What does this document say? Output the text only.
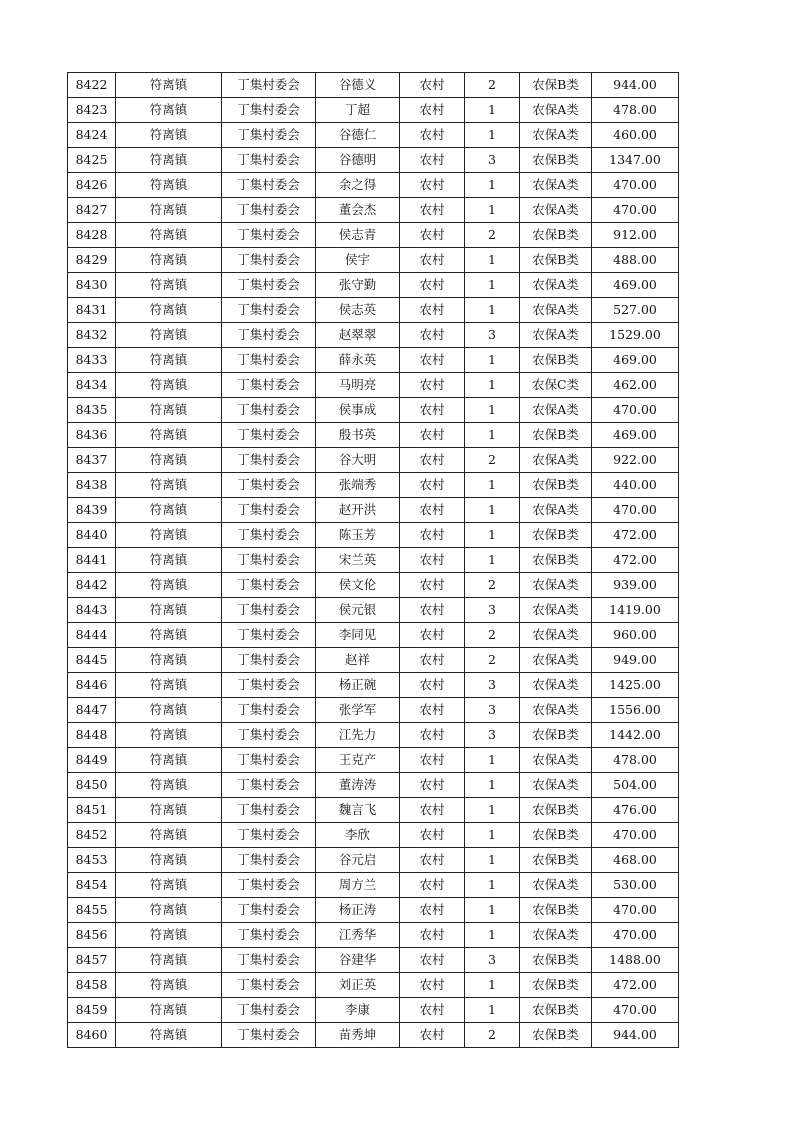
8422	符离镇	丁集村委会	谷德义	农村	2	农保B类	944.00
8423	符离镇	丁集村委会	丁超	农村	1	农保A类	478.00
8424	符离镇	丁集村委会	谷德仁	农村	1	农保A类	460.00
8425	符离镇	丁集村委会	谷德明	农村	3	农保B类	1347.00
8426	符离镇	丁集村委会	余之得	农村	1	农保A类	470.00
8427	符离镇	丁集村委会	董会杰	农村	1	农保A类	470.00
8428	符离镇	丁集村委会	侯志青	农村	2	农保B类	912.00
8429	符离镇	丁集村委会	侯宇	农村	1	农保B类	488.00
8430	符离镇	丁集村委会	张守勤	农村	1	农保A类	469.00
8431	符离镇	丁集村委会	侯志英	农村	1	农保A类	527.00
8432	符离镇	丁集村委会	赵翠翠	农村	3	农保A类	1529.00
8433	符离镇	丁集村委会	薛永英	农村	1	农保B类	469.00
8434	符离镇	丁集村委会	马明亮	农村	1	农保C类	462.00
8435	符离镇	丁集村委会	侯事成	农村	1	农保A类	470.00
8436	符离镇	丁集村委会	殷书英	农村	1	农保B类	469.00
8437	符离镇	丁集村委会	谷大明	农村	2	农保A类	922.00
8438	符离镇	丁集村委会	张端秀	农村	1	农保B类	440.00
8439	符离镇	丁集村委会	赵开洪	农村	1	农保A类	470.00
8440	符离镇	丁集村委会	陈玉芳	农村	1	农保B类	472.00
8441	符离镇	丁集村委会	宋兰英	农村	1	农保B类	472.00
8442	符离镇	丁集村委会	侯文伦	农村	2	农保A类	939.00
8443	符离镇	丁集村委会	侯元银	农村	3	农保A类	1419.00
8444	符离镇	丁集村委会	李同见	农村	2	农保A类	960.00
8445	符离镇	丁集村委会	赵祥	农村	2	农保A类	949.00
8446	符离镇	丁集村委会	杨正碗	农村	3	农保A类	1425.00
8447	符离镇	丁集村委会	张学军	农村	3	农保A类	1556.00
8448	符离镇	丁集村委会	江先力	农村	3	农保B类	1442.00
8449	符离镇	丁集村委会	王克产	农村	1	农保A类	478.00
8450	符离镇	丁集村委会	董涛涛	农村	1	农保A类	504.00
8451	符离镇	丁集村委会	魏言飞	农村	1	农保B类	476.00
8452	符离镇	丁集村委会	李欣	农村	1	农保B类	470.00
8453	符离镇	丁集村委会	谷元启	农村	1	农保B类	468.00
8454	符离镇	丁集村委会	周方兰	农村	1	农保A类	530.00
8455	符离镇	丁集村委会	杨正涛	农村	1	农保B类	470.00
8456	符离镇	丁集村委会	江秀华	农村	1	农保A类	470.00
8457	符离镇	丁集村委会	谷建华	农村	3	农保B类	1488.00
8458	符离镇	丁集村委会	刘正英	农村	1	农保B类	472.00
8459	符离镇	丁集村委会	李康	农村	1	农保B类	470.00
8460	符离镇	丁集村委会	苗秀坤	农村	2	农保B类	944.00
